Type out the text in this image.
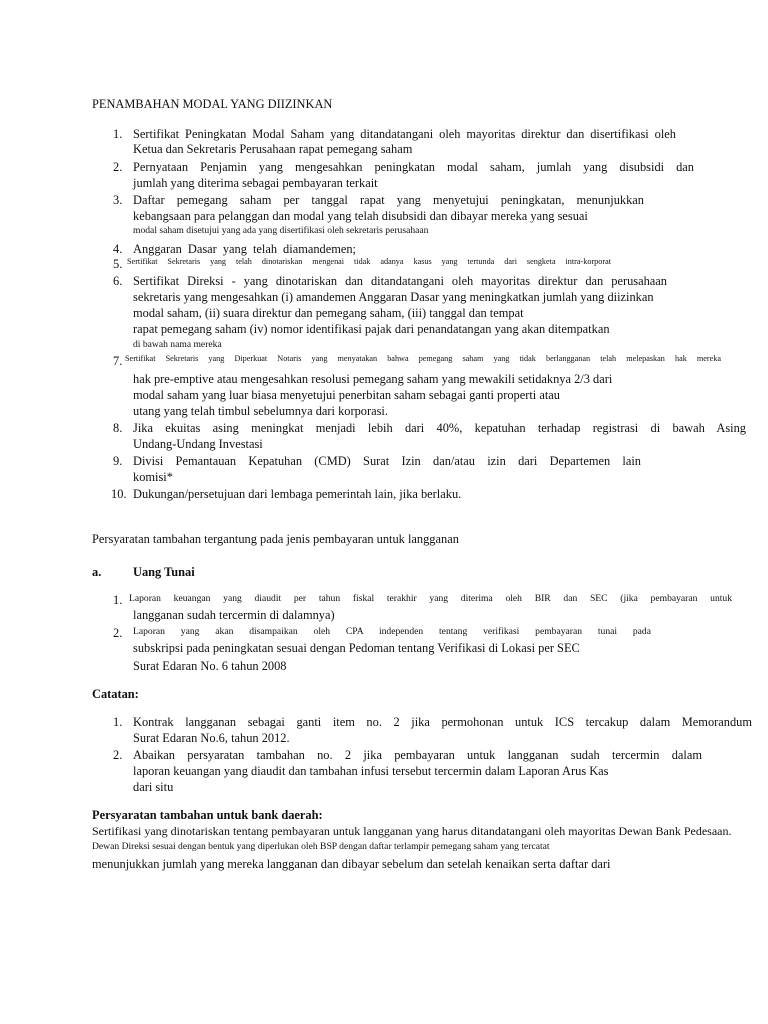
PENAMBAHAN MODAL YANG DIIZINKAN
1. Sertifikat Peningkatan Modal Saham yang ditandatangani oleh mayoritas direktur dan disertifikasi oleh
Ketua dan Sekretaris Perusahaan rapat pemegang saham
2. Pernyataan Penjamin yang mengesahkan peningkatan modal saham, jumlah yang disubsidi dan
jumlah yang diterima sebagai pembayaran terkait
3. Daftar pemegang saham per tanggal rapat yang menyetujui peningkatan, menunjukkan
kebangsaan para pelanggan dan modal yang telah disubsidi dan dibayar mereka yang sesuai
modal saham disetujui yang ada yang disertifikasi oleh sekretaris perusahaan
4. Anggaran Dasar yang telah diamandemen;
5. Sertifikat Sekretaris yang telah dinotariskan mengenai tidak adanya kasus yang tertunda dari sengketa intra-korporat
6. Sertifikat Direksi - yang dinotariskan dan ditandatangani oleh mayoritas direktur dan perusahaan
sekretaris yang mengesahkan (i) amandemen Anggaran Dasar yang meningkatkan jumlah yang diizinkan
modal saham, (ii) suara direktur dan pemegang saham, (iii) tanggal dan tempat
rapat pemegang saham (iv) nomor identifikasi pajak dari penandatangan yang akan ditempatkan
di bawah nama mereka
7. Sertifikat Sekretaris yang Diperkuat Notaris yang menyatakan bahwa pemegang saham yang tidak berlangganan telah melepaskan hak mereka
hak pre-emptive atau mengesahkan resolusi pemegang saham yang mewakili setidaknya 2/3 dari
modal saham yang luar biasa menyetujui penerbitan saham sebagai ganti properti atau
utang yang telah timbul sebelumnya dari korporasi.
8. Jika ekuitas asing meningkat menjadi lebih dari 40%, kepatuhan terhadap registrasi di bawah Asing
Undang-Undang Investasi
9. Divisi Pemantauan Kepatuhan (CMD) Surat Izin dan/atau izin dari Departemen lain
komisi*
10. Dukungan/persetujuan dari lembaga pemerintah lain, jika berlaku.
Persyaratan tambahan tergantung pada jenis pembayaran untuk langganan
a.	Uang Tunai
1. Laporan keuangan yang diaudit per tahun fiskal terakhir yang diterima oleh BIR dan SEC (jika pembayaran untuk
langganan sudah tercermin di dalamnya)
2. Laporan yang akan disampaikan oleh CPA independen tentang verifikasi pembayaran tunai pada
subskripsi pada peningkatan sesuai dengan Pedoman tentang Verifikasi di Lokasi per SEC
Surat Edaran No. 6 tahun 2008
Catatan:
1. Kontrak langganan sebagai ganti item no. 2 jika permohonan untuk ICS tercakup dalam Memorandum
Surat Edaran No.6, tahun 2012.
2. Abaikan persyaratan tambahan no. 2 jika pembayaran untuk langganan sudah tercermin dalam
laporan keuangan yang diaudit dan tambahan infusi tersebut tercermin dalam Laporan Arus Kas
dari situ
Persyaratan tambahan untuk bank daerah:
Sertifikasi yang dinotariskan tentang pembayaran untuk langganan yang harus ditandatangani oleh mayoritas Dewan Bank Pedesaan.
Dewan Direksi sesuai dengan bentuk yang diperlukan oleh BSP dengan daftar terlampir pemegang saham yang tercatat
menunjukkan jumlah yang mereka langganan dan dibayar sebelum dan setelah kenaikan serta daftar dari
